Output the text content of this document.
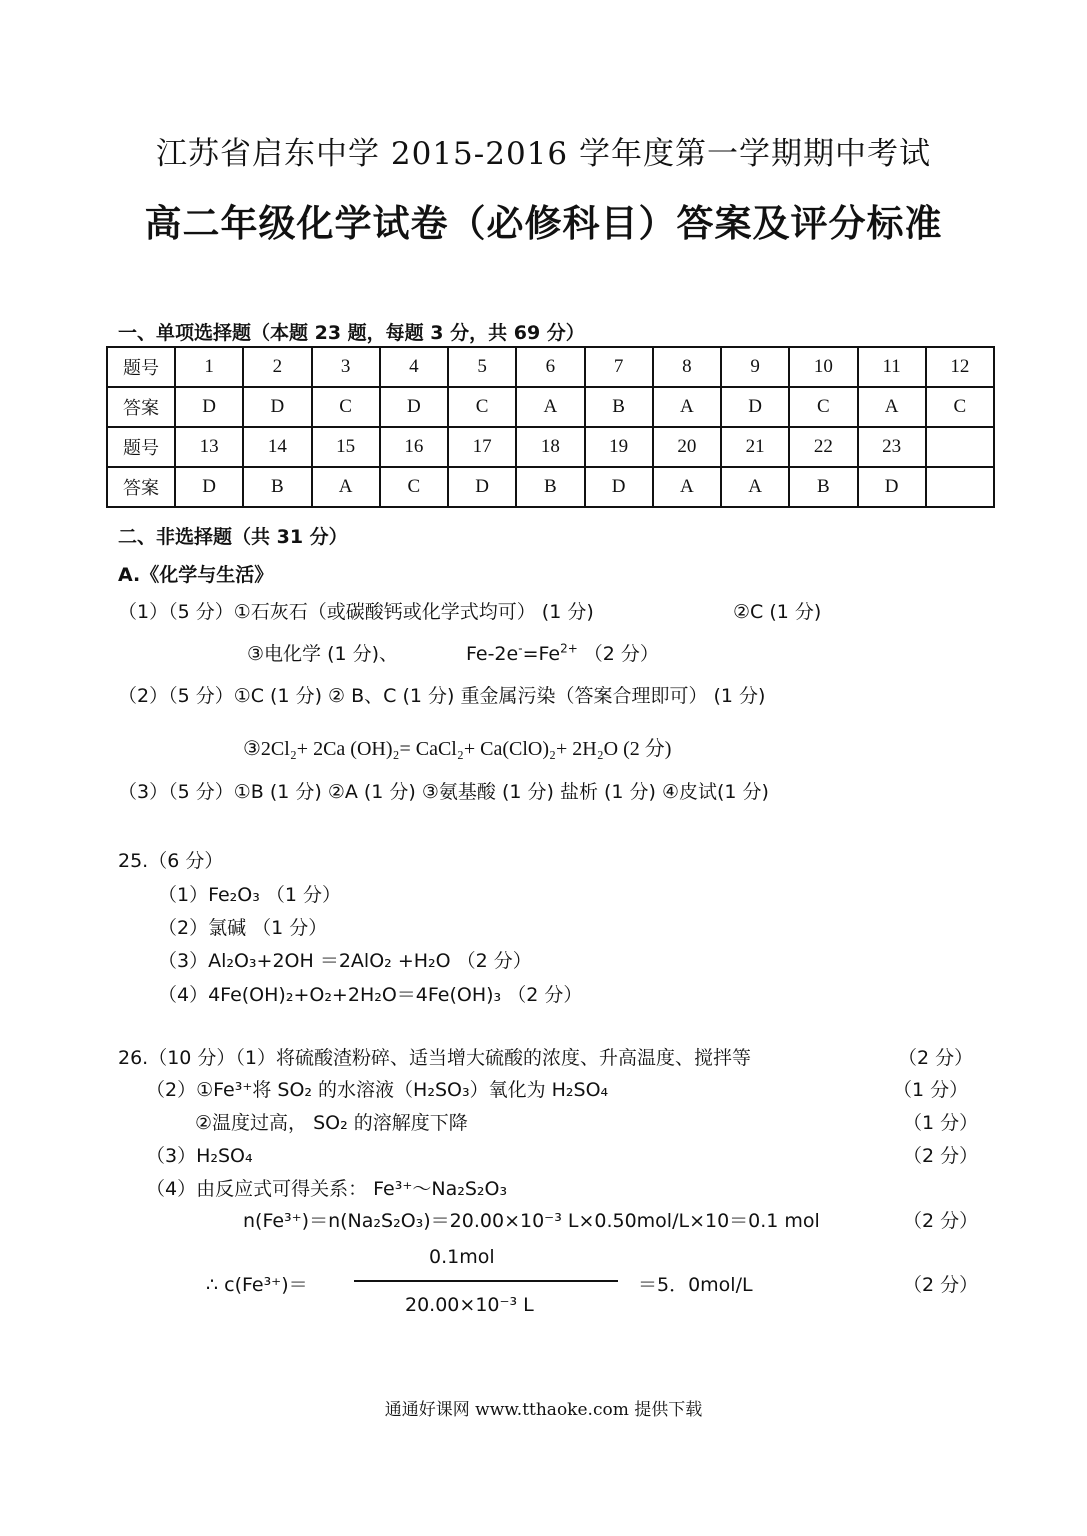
江苏省启东中学 2015-2016 学年度第一学期期中考试
高二年级化学试卷（必修科目）答案及评分标准
一、单项选择题（本题 23 题，每题 3 分，共 69 分）
题号	1	2	3	4	5	6	7	8	9	10	11	12
答案	D	D	C	D	C	A	B	A	D	C	A	C
题号	13	14	15	16	17	18	19	20	21	22	23	
答案	D	B	A	C	D	B	D	A	A	B	D	
二、非选择题（共 31 分）
A.《化学与生活》
（1）（5 分）①石灰石（或碳酸钙或化学式均可） (1 分)	②C (1 分)
③电化学 (1 分)、	$Fe-2e^-=Fe^{2+}$ （2 分）
（2）（5 分）①C (1 分) ② B、C (1 分) 重金属污染（答案合理即可） (1 分)
③2Cl₂+ 2Ca (OH)₂= CaCl₂+ Ca(ClO)₂+ 2H₂O (2 分)
（3）（5 分）①B (1 分) ②A (1 分) ③氨基酸 (1 分) 盐析 (1 分) ④皮试(1 分)
25.（6 分）
（1）Fe₂O₃ （1 分）
（2）氯碱 （1 分）
（3）Al₂O₃+2OH ＝2AlO₂ +H₂O （2 分）
（4）4Fe(OH)₂+O₂+2H₂O＝4Fe(OH)₃ （2 分）
26.（10 分）（1）将硫酸渣粉碎、适当增大硫酸的浓度、升高温度、搅拌等	（2 分）
（2）①Fe³⁺将 SO₂ 的水溶液（H₂SO₃）氧化为 H₂SO₄	（1 分）
②温度过高， SO₂ 的溶解度下降	（1 分）
（3）H₂SO₄	（2 分）
（4）由反应式可得关系： Fe³⁺～Na₂S₂O₃
n(Fe³⁺)＝n(Na₂S₂O₃)＝20.00×10⁻³ L×0.50mol/L×10＝0.1 mol	（2 分）
∴ c(Fe³⁺)＝
0.1mol
20.00×10⁻³ L
＝5．0mol/L	（2 分）
通通好课网 www.tthaoke.com 提供下载
